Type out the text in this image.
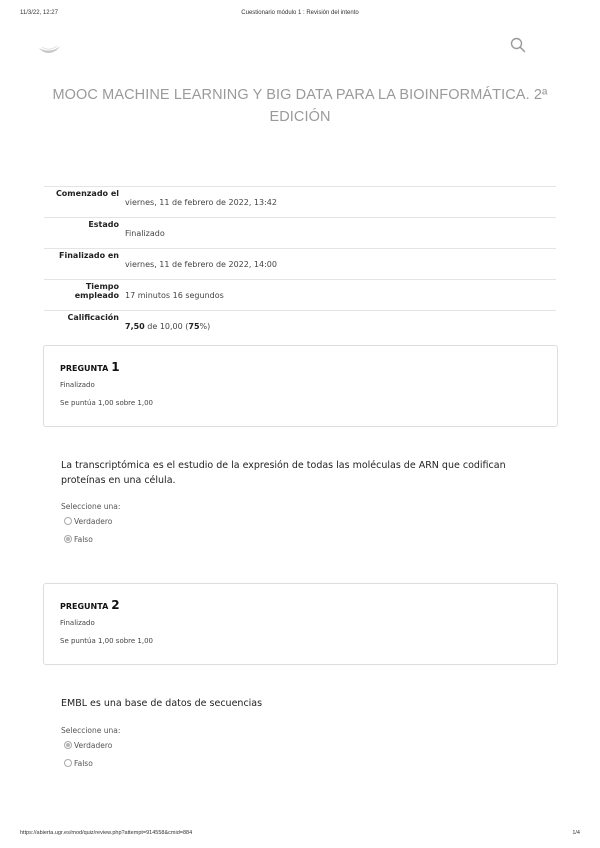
11/3/22, 12:27	Cuestionario módulo 1 : Revisión del intento
MOOC MACHINE LEARNING Y BIG DATA PARA LA BIOINFORMÁTICA. 2ª
EDICIÓN
Comenzado el
viernes, 11 de febrero de 2022, 13:42
Estado
Finalizado
Finalizado en
viernes, 11 de febrero de 2022, 14:00
Tiempo empleado 17 minutos 16 segundos
Calificación
7,50 de 10,00 (75%)
PREGUNTA 1
Finalizado
Se puntúa 1,00 sobre 1,00
La transcriptómica es el estudio de la expresión de todas las moléculas de ARN que codifican proteínas en una célula.
Seleccione una:
Verdadero
Falso
PREGUNTA 2
Finalizado
Se puntúa 1,00 sobre 1,00
EMBL es una base de datos de secuencias
Seleccione una:
Verdadero
Falso
https://abierta.ugr.es/mod/quiz/review.php?attempt=914558&cmid=884	1/4
